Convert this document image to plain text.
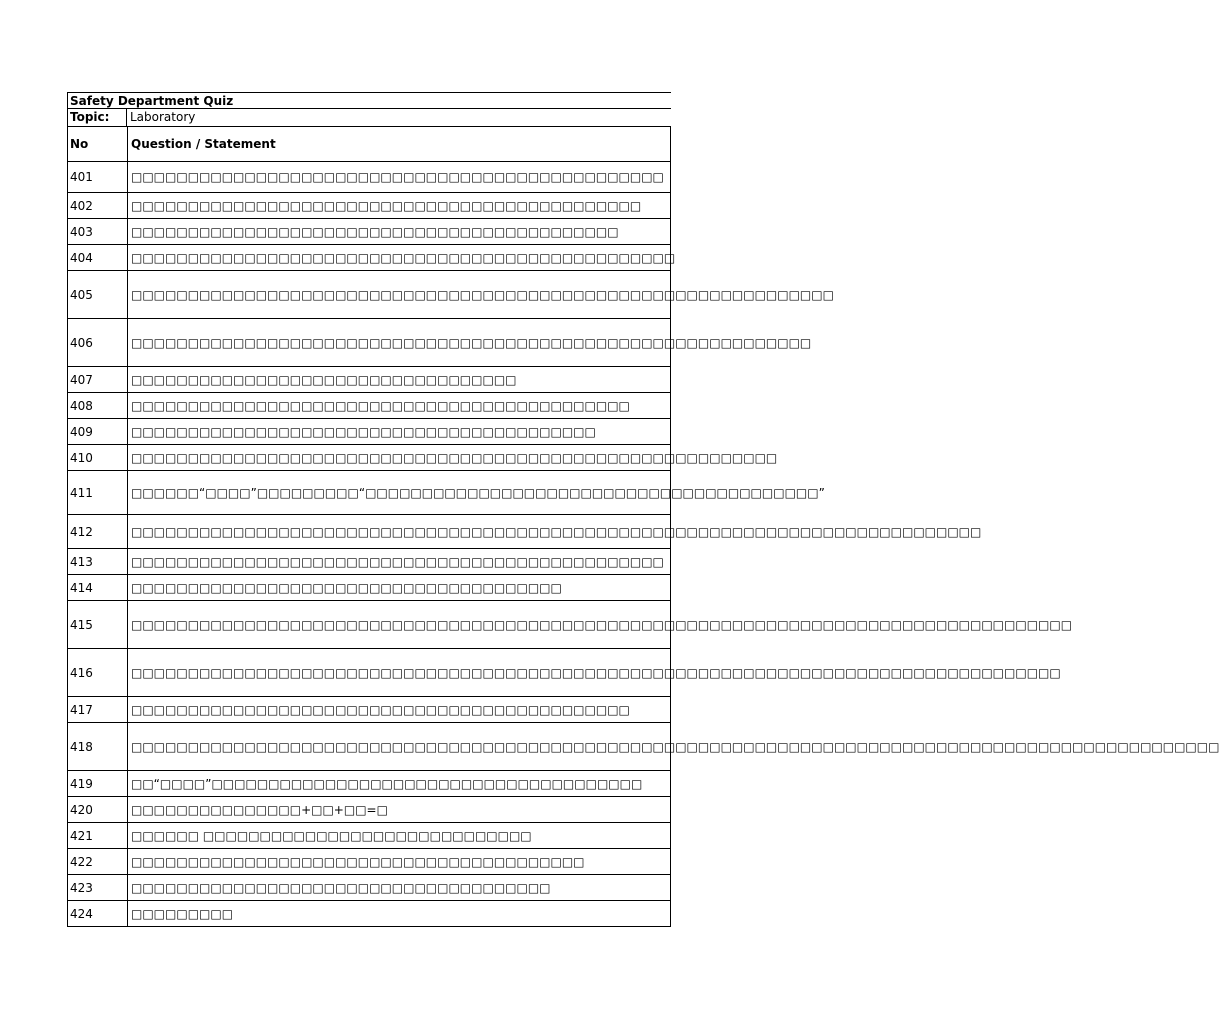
Safety Department Quiz
Topic:	Laboratory
No	Question / Statement
401	□□□□□□□□□□□□□□□□□□□□□□□□□□□□□□□□□□□□□□□□□□□□□□□
402	□□□□□□□□□□□□□□□□□□□□□□□□□□□□□□□□□□□□□□□□□□□□□
403	□□□□□□□□□□□□□□□□□□□□□□□□□□□□□□□□□□□□□□□□□□□
404	□□□□□□□□□□□□□□□□□□□□□□□□□□□□□□□□□□□□□□□□□□□□□□□□
405	□□□□□□□□□□□□□□□□□□□□□□□□□□□□□□□□□□□□□□□□□□□□□□□□□□□□□□□□□□□□□□
406	□□□□□□□□□□□□□□□□□□□□□□□□□□□□□□□□□□□□□□□□□□□□□□□□□□□□□□□□□□□□
407	□□□□□□□□□□□□□□□□□□□□□□□□□□□□□□□□□□
408	□□□□□□□□□□□□□□□□□□□□□□□□□□□□□□□□□□□□□□□□□□□□
409	□□□□□□□□□□□□□□□□□□□□□□□□□□□□□□□□□□□□□□□□□
410	□□□□□□□□□□□□□□□□□□□□□□□□□□□□□□□□□□□□□□□□□□□□□□□□□□□□□□□□□
411	□□□□□□“□□□□”□□□□□□□□□“□□□□□□□□□□□□□□□□□□□□□□□□□□□□□□□□□□□□□□□□”
412	□□□□□□□□□□□□□□□□□□□□□□□□□□□□□□□□□□□□□□□□□□□□□□□□□□□□□□□□□□□□□□□□□□□□□□□□□□□
413	□□□□□□□□□□□□□□□□□□□□□□□□□□□□□□□□□□□□□□□□□□□□□□□
414	□□□□□□□□□□□□□□□□□□□□□□□□□□□□□□□□□□□□□□
415	□□□□□□□□□□□□□□□□□□□□□□□□□□□□□□□□□□□□□□□□□□□□□□□□□□□□□□□□□□□□□□□□□□□□□□□□□□□□□□□□□□□
416	□□□□□□□□□□□□□□□□□□□□□□□□□□□□□□□□□□□□□□□□□□□□□□□□□□□□□□□□□□□□□□□□□□□□□□□□□□□□□□□□□□
417	□□□□□□□□□□□□□□□□□□□□□□□□□□□□□□□□□□□□□□□□□□□□
418	□□□□□□□□□□□□□□□□□□□□□□□□□□□□□□□□□□□□□□□□□□□□□□□□□□□□□□□□□□□□□□□□□□□□□□□□□□□□□□□□□□□□□□□□□□□□□□□□
419	□□“□□□□”□□□□□□□□□□□□□□□□□□□□□□□□□□□□□□□□□□□□□□
420	□□□□□□□□□□□□□□□+□□+□□=□
421	□□□□□□ □□□□□□□□□□□□□□□□□□□□□□□□□□□□□
422	□□□□□□□□□□□□□□□□□□□□□□□□□□□□□□□□□□□□□□□□
423	□□□□□□□□□□□□□□□□□□□□□□□□□□□□□□□□□□□□□
424	□□□□□□□□□
